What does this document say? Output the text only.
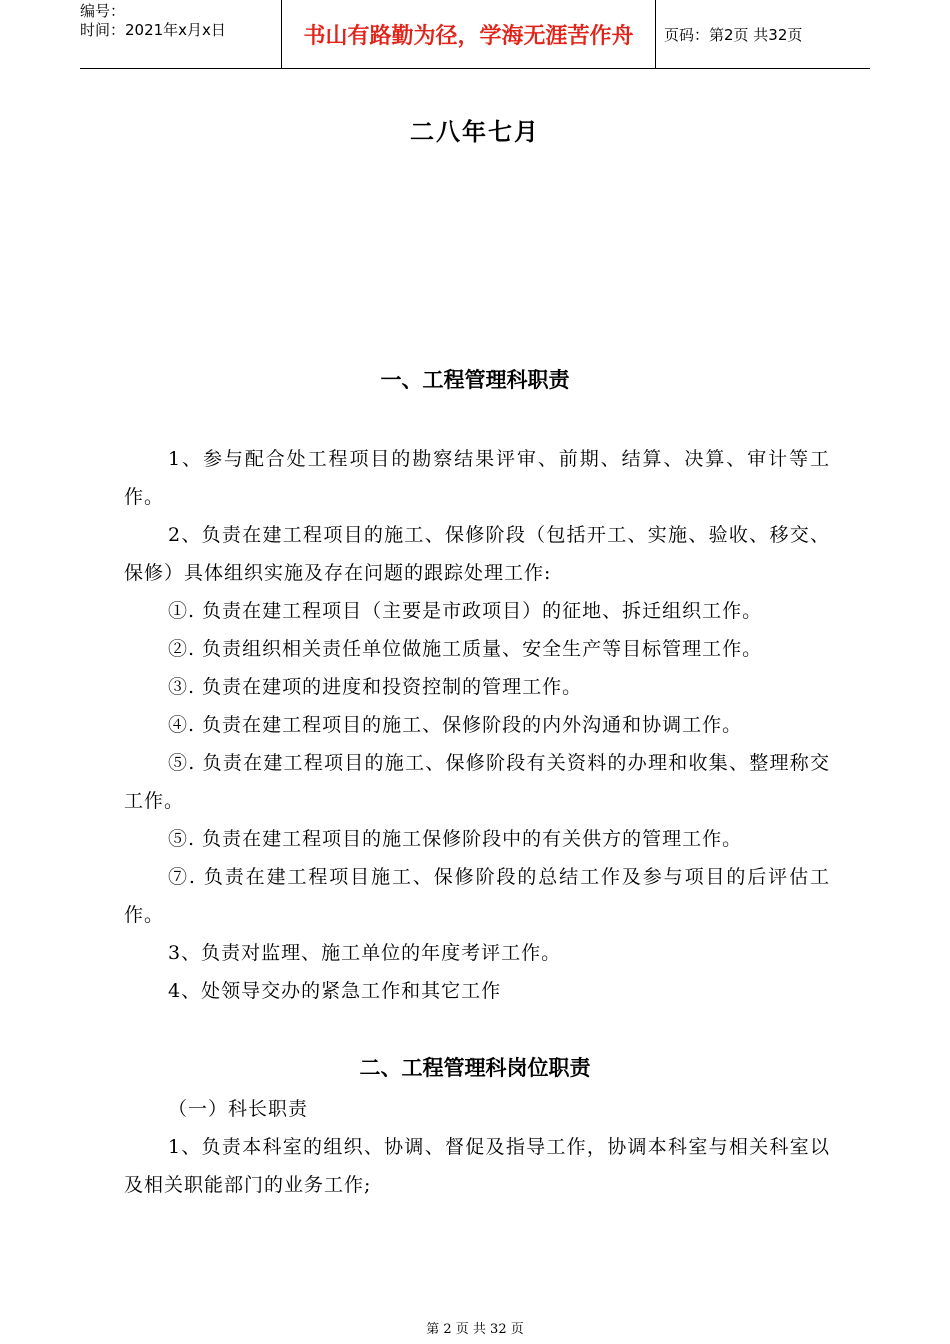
编号：
时间：2021年x月x日	书山有路勤为径，学海无涯苦作舟	页码：第2页 共32页
二八年七月
一、工程管理科职责
1、参与配合处工程项目的勘察结果评审、前期、结算、决算、审计等工作。
2、负责在建工程项目的施工、保修阶段（包括开工、实施、验收、移交、保修）具体组织实施及存在问题的跟踪处理工作:
①. 负责在建工程项目（主要是市政项目）的征地、拆迁组织工作。
②. 负责组织相关责任单位做施工质量、安全生产等目标管理工作。
③. 负责在建项的进度和投资控制的管理工作。
④. 负责在建工程项目的施工、保修阶段的内外沟通和协调工作。
⑤. 负责在建工程项目的施工、保修阶段有关资料的办理和收集、整理称交工作。
⑤. 负责在建工程项目的施工保修阶段中的有关供方的管理工作。
⑦. 负责在建工程项目施工、保修阶段的总结工作及参与项目的后评估工作。
3、负责对监理、施工单位的年度考评工作。
4、处领导交办的紧急工作和其它工作
二、工程管理科岗位职责
（一）科长职责
1、负责本科室的组织、协调、督促及指导工作，协调本科室与相关科室以及相关职能部门的业务工作;
第 2 页 共 32 页
